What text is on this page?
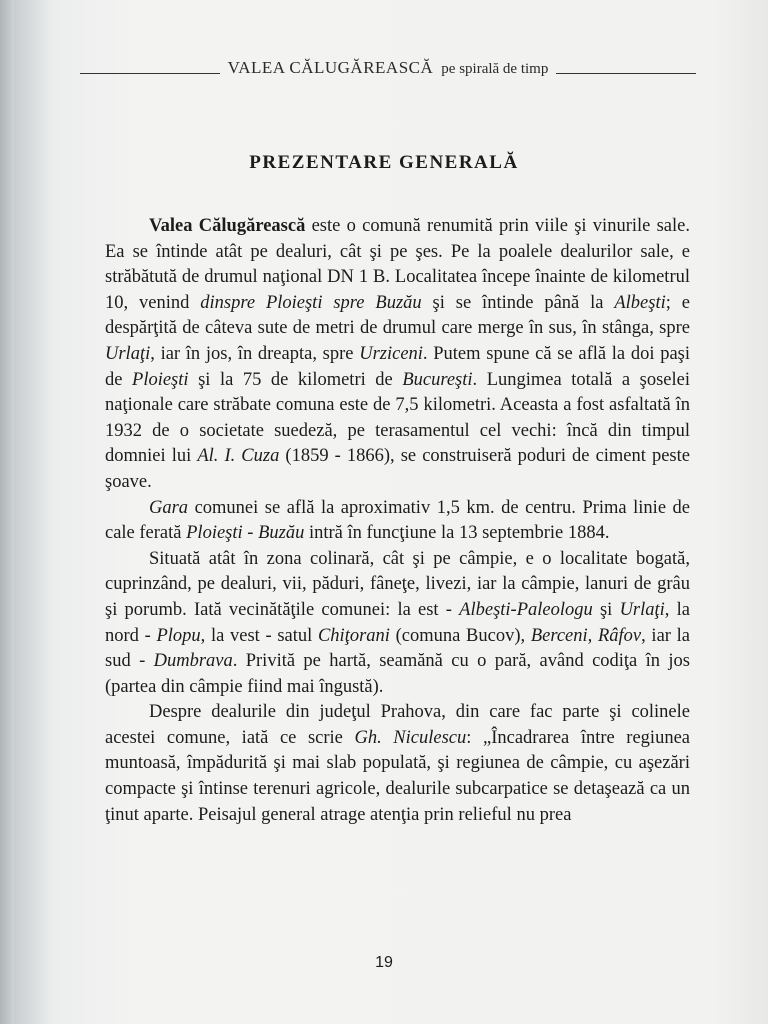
VALEA CĂLUGĂREASCĂ pe spirală de timp
PREZENTARE GENERALĂ

Valea Călugărească este o comună renumită prin viile şi vinurile sale. Ea se întinde atât pe dealuri, cât şi pe şes. Pe la poalele dealurilor sale, e străbătută de drumul naţional DN 1 B. Localitatea începe înainte de kilometrul 10, venind dinspre Ploieşti spre Buzău şi se întinde până la Albeşti; e despărţită de câteva sute de metri de drumul care merge în sus, în stânga, spre Urlaţi, iar în jos, în dreapta, spre Urziceni. Putem spune că se află la doi paşi de Ploieşti şi la 75 de kilometri de Bucureşti. Lungimea totală a şoselei naţionale care străbate comuna este de 7,5 kilometri. Aceasta a fost asfaltată în 1932 de o societate suedeză, pe terasamentul cel vechi: încă din timpul domniei lui Al. I. Cuza (1859 - 1866), se construiseră poduri de ciment peste şoave.

Gara comunei se află la aproximativ 1,5 km. de centru. Prima linie de cale ferată Ploieşti - Buzău intră în funcţiune la 13 septembrie 1884.

Situată atât în zona colinară, cât şi pe câmpie, e o localitate bogată, cuprinzând, pe dealuri, vii, păduri, fâneţe, livezi, iar la câmpie, lanuri de grâu şi porumb. Iată vecinătăţile comunei: la est - Albeşti-Paleologu şi Urlaţi, la nord - Plopu, la vest - satul Chiţorani (comuna Bucov), Berceni, Râfov, iar la sud - Dumbrava. Privită pe hartă, seamănă cu o pară, având codiţa în jos (partea din câmpie fiind mai îngustă).

Despre dealurile din judeţul Prahova, din care fac parte şi colinele acestei comune, iată ce scrie Gh. Niculescu: „Încadrarea între regiunea muntoasă, împădurită şi mai slab populată, şi regiunea de câmpie, cu aşezări compacte şi întinse terenuri agricole, dealurile subcarpatice se detaşează ca un ţinut aparte. Peisajul general atrage atenţia prin relieful nu prea

19
